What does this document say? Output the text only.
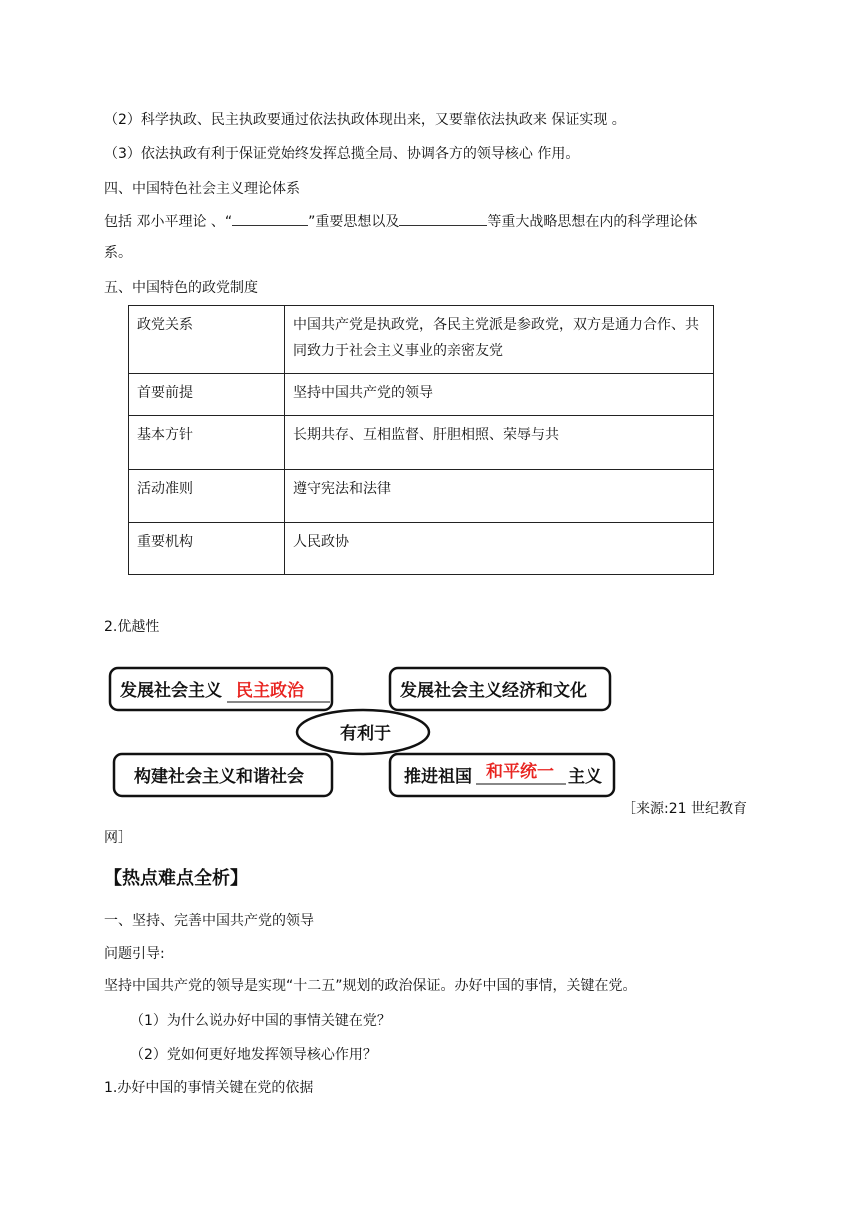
（2）科学执政、民主执政要通过依法执政体现出来，又要靠依法执政来 保证实现 。
（3）依法执政有利于保证党始终发挥总揽全局、协调各方的领导核心 作用。
四、中国特色社会主义理论体系
包括 邓小平理论 、“	”重要思想以及	等重大战略思想在内的科学理论体
系。
五、中国特色的政党制度
政党关系	中国共产党是执政党，各民主党派是参政党，双方是通力合作、共同致力于社会主义事业的亲密友党
首要前提	坚持中国共产党的领导
基本方针	长期共存、互相监督、肝胆相照、荣辱与共
活动准则	遵守宪法和法律
重要机构	人民政协
2.优越性
发展社会主义 民主政治	发展社会主义经济和文化
有利于
构建社会主义和谐社会	推进祖国 和平统一 主义
［来源:21 世纪教育
网］
【热点难点全析】
一、坚持、完善中国共产党的领导
问题引导:
坚持中国共产党的领导是实现“十二五”规划的政治保证。办好中国的事情，关键在党。
（1）为什么说办好中国的事情关键在党？
（2）党如何更好地发挥领导核心作用？
1.办好中国的事情关键在党的依据
